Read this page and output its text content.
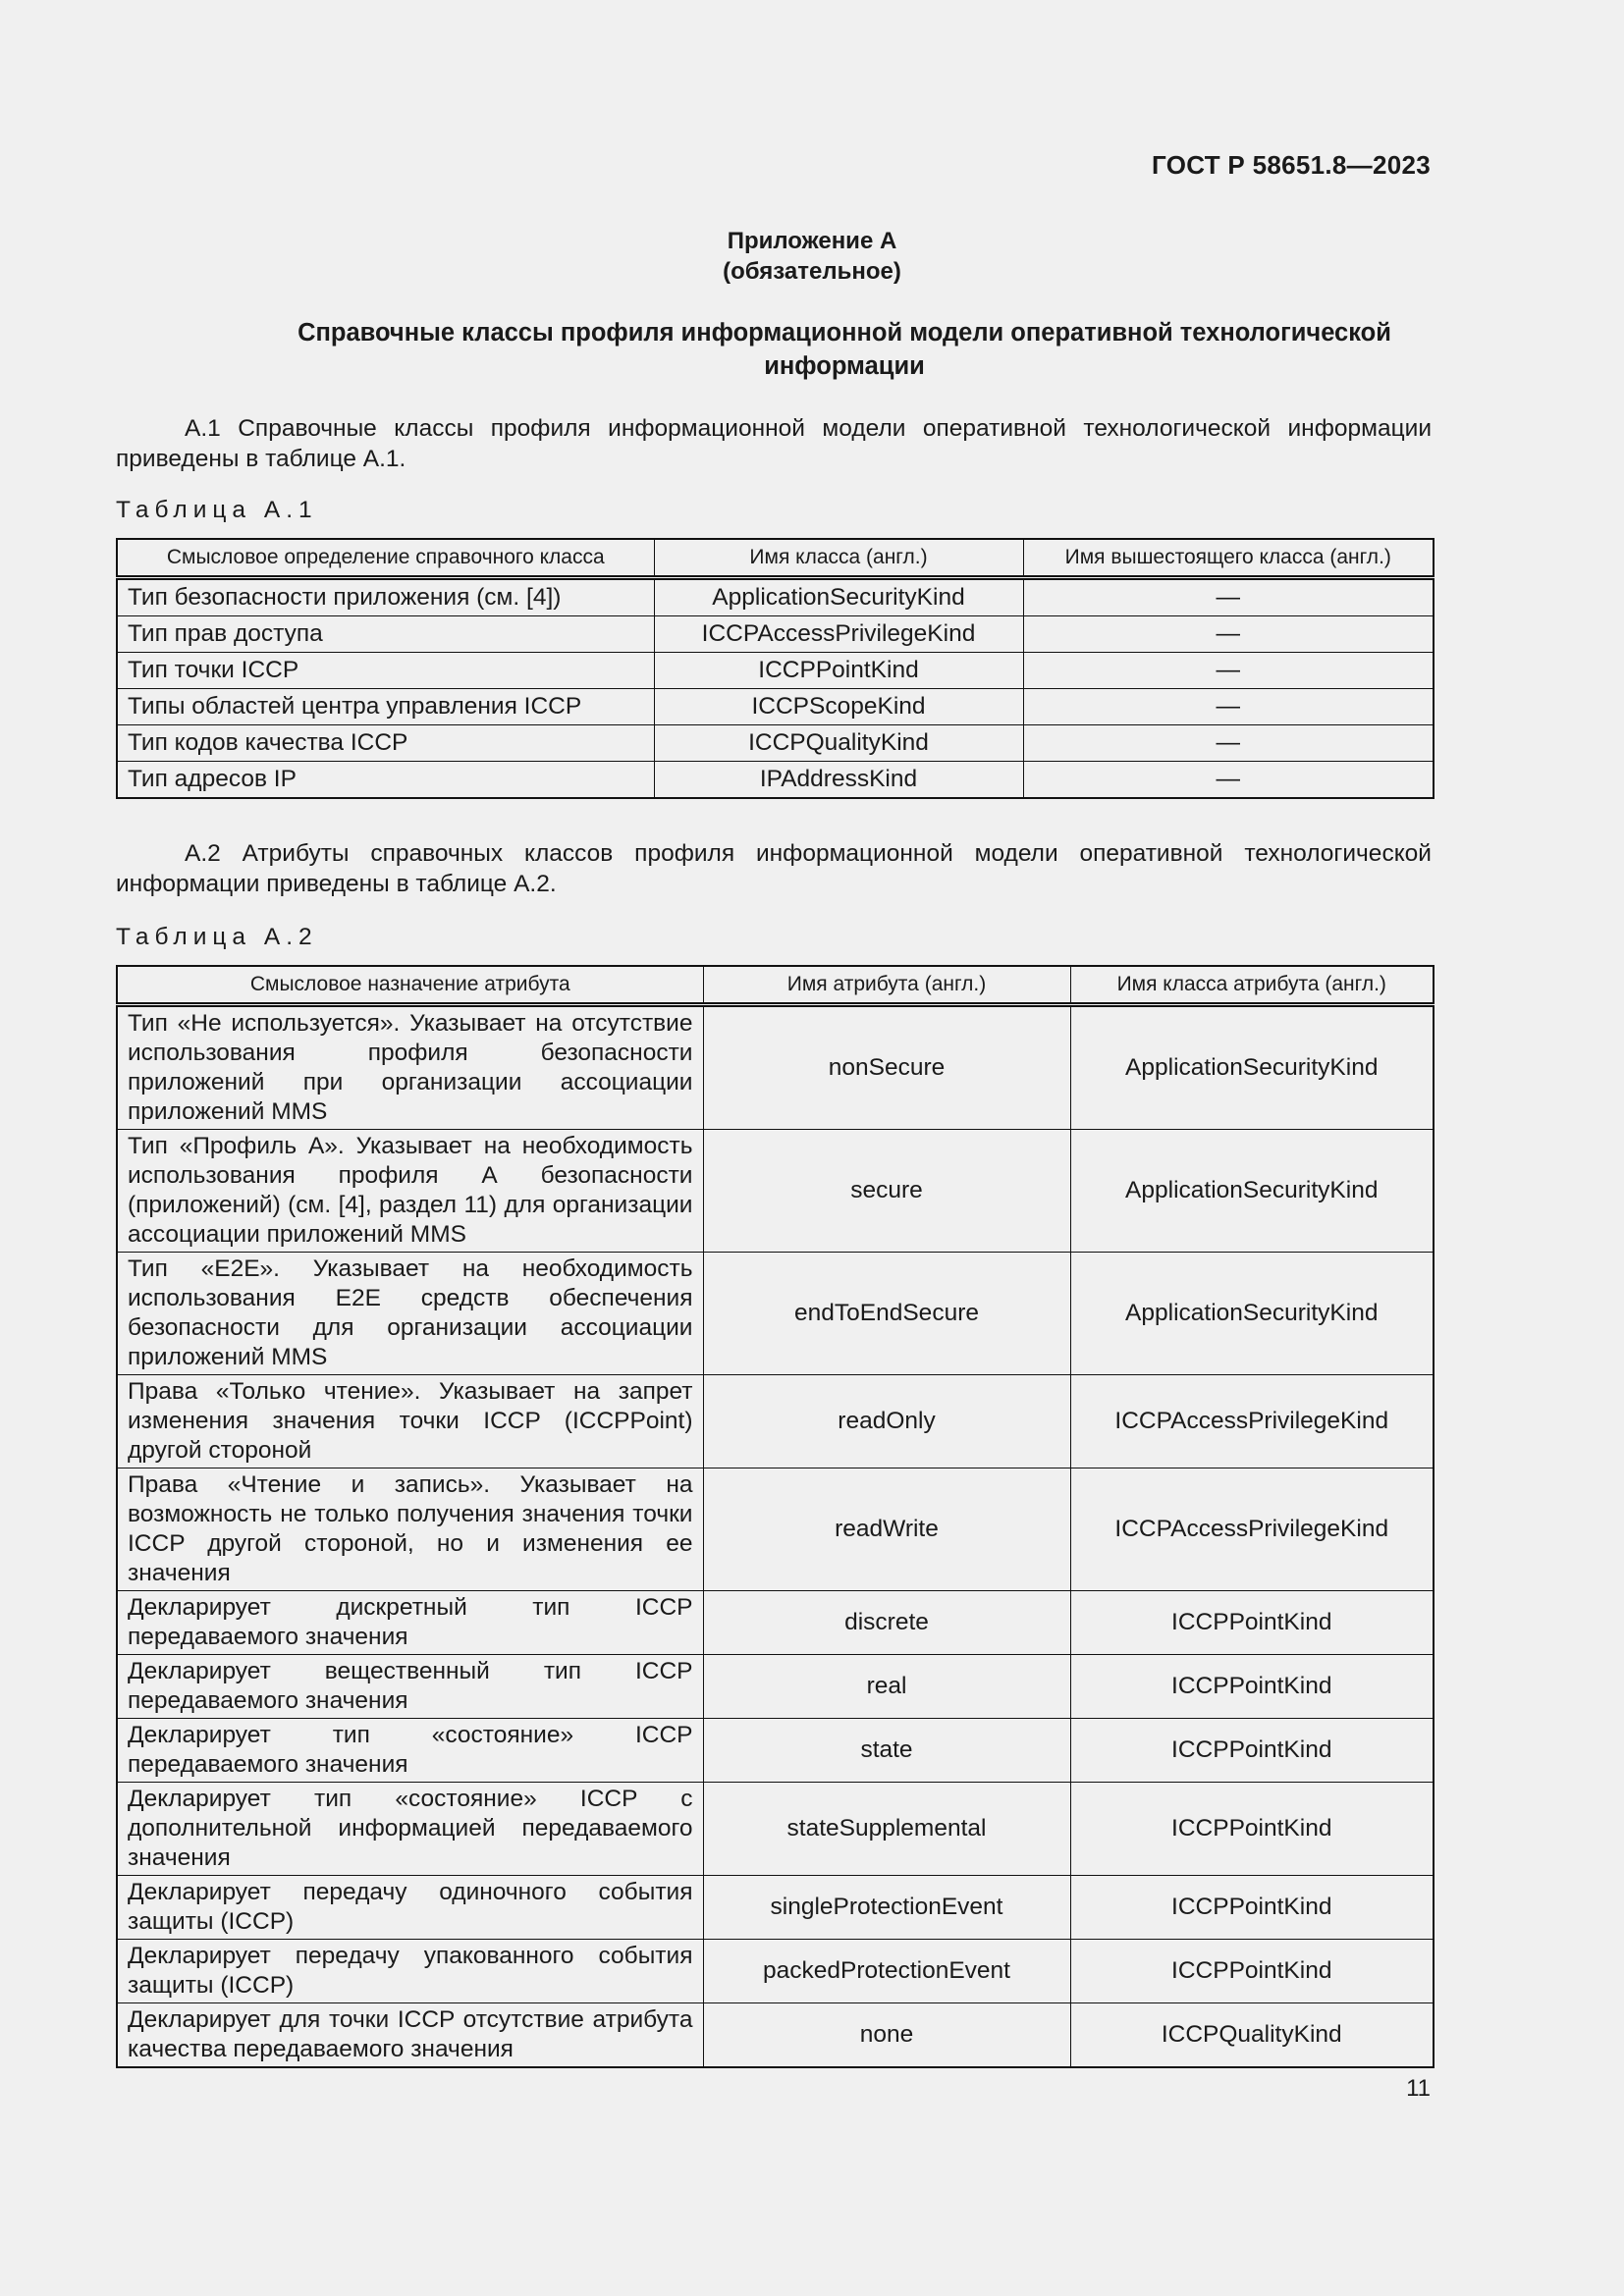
ГОСТ Р 58651.8—2023
Приложение А
(обязательное)
Справочные классы профиля информационной модели оперативной технологической
информации
А.1 Справочные классы профиля информационной модели оперативной технологической информации приведены в таблице А.1.
Таблица А.1
Смысловое определение справочного класса	Имя класса (англ.)	Имя вышестоящего класса (англ.)
Тип безопасности приложения (см. [4])	ApplicationSecurityKind	—
Тип прав доступа	ICCPAccessPrivilegeKind	—
Тип точки ICCP	ICCPPointKind	—
Типы областей центра управления ICCP	ICCPScopeKind	—
Тип кодов качества ICCP	ICCPQualityKind	—
Тип адресов IP	IPAddressKind	—
А.2 Атрибуты справочных классов профиля информационной модели оперативной технологической информации приведены в таблице А.2.
Таблица А.2
Смысловое назначение атрибута	Имя атрибута (англ.)	Имя класса атрибута (англ.)
Тип «Не используется». Указывает на отсутствие использования профиля безопасности приложений при организации ассоциации приложений MMS	nonSecure	ApplicationSecurityKind
Тип «Профиль А». Указывает на необходимость использования профиля А безопасности (приложений) (см. [4], раздел 11) для организации ассоциации приложений MMS	secure	ApplicationSecurityKind
Тип «E2E». Указывает на необходимость использования E2E средств обеспечения безопасности для организации ассоциации приложений MMS	endToEndSecure	ApplicationSecurityKind
Права «Только чтение». Указывает на запрет изменения значения точки ICCP (ICCPPoint) другой стороной	readOnly	ICCPAccessPrivilegeKind
Права «Чтение и запись». Указывает на возможность не только получения значения точки ICCP другой стороной, но и изменения ее значения	readWrite	ICCPAccessPrivilegeKind
Декларирует дискретный тип ICCP передаваемого значения	discrete	ICCPPointKind
Декларирует вещественный тип ICCP передаваемого значения	real	ICCPPointKind
Декларирует тип «состояние» ICCP передаваемого значения	state	ICCPPointKind
Декларирует тип «состояние» ICCP с дополнительной информацией передаваемого значения	stateSupplemental	ICCPPointKind
Декларирует передачу одиночного события защиты (ICCP)	singleProtectionEvent	ICCPPointKind
Декларирует передачу упакованного события защиты (ICCP)	packedProtectionEvent	ICCPPointKind
Декларирует для точки ICCP отсутствие атрибута качества передаваемого значения	none	ICCPQualityKind
11
